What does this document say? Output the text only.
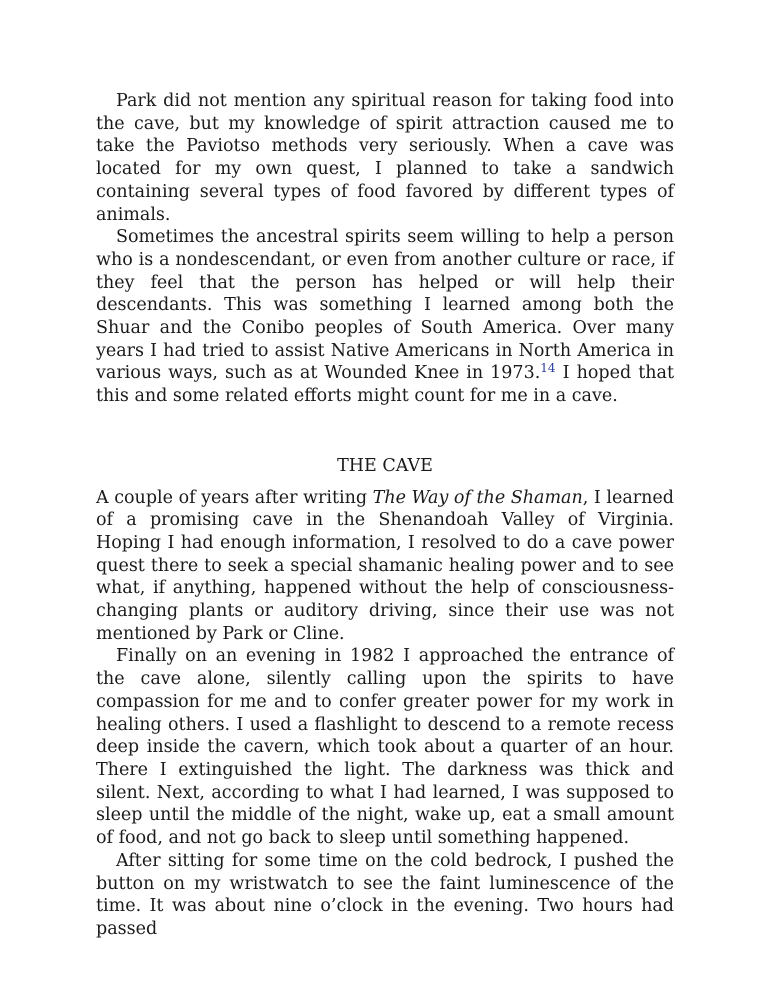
Park did not mention any spiritual reason for taking food into the cave, but my knowledge of spirit attraction caused me to take the Paviotso methods very seriously. When a cave was located for my own quest, I planned to take a sandwich containing several types of food favored by different types of animals.

Sometimes the ancestral spirits seem willing to help a person who is a nondescendant, or even from another culture or race, if they feel that the person has helped or will help their descendants. This was something I learned among both the Shuar and the Conibo peoples of South America. Over many years I had tried to assist Native Americans in North America in various ways, such as at Wounded Knee in 1973.14 I hoped that this and some related efforts might count for me in a cave.

THE CAVE

A couple of years after writing The Way of the Shaman, I learned of a promising cave in the Shenandoah Valley of Virginia. Hoping I had enough information, I resolved to do a cave power quest there to seek a special shamanic healing power and to see what, if anything, happened without the help of consciousness-changing plants or auditory driving, since their use was not mentioned by Park or Cline.

Finally on an evening in 1982 I approached the entrance of the cave alone, silently calling upon the spirits to have compassion for me and to confer greater power for my work in healing others. I used a flashlight to descend to a remote recess deep inside the cavern, which took about a quarter of an hour. There I extinguished the light. The darkness was thick and silent. Next, according to what I had learned, I was supposed to sleep until the middle of the night, wake up, eat a small amount of food, and not go back to sleep until something happened.

After sitting for some time on the cold bedrock, I pushed the button on my wristwatch to see the faint luminescence of the time. It was about nine o’clock in the evening. Two hours had passed
